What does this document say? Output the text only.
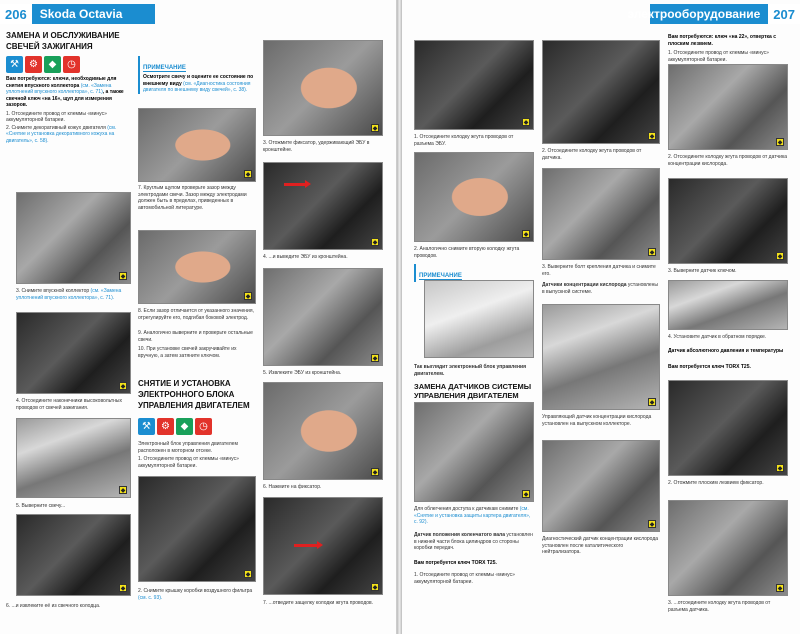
206	Skoda Octavia
ЗАМЕНА И ОБСЛУЖИВАНИЕ СВЕЧЕЙ ЗАЖИГАНИЯ
⚒	⚙	◆	◷
Вам потребуются: ключи, необходимые для снятия впускного коллектора (см. «Замена уплотнений впускного коллектора», с. 71), а также свечной ключ «на 16», щуп для измерения зазоров.
1. Отсоедините провод от клеммы «минус» аккумуляторной батареи.
2. Снимите декоративный кожух двигателя (см. «Снятие и установка декоративного кожуха на двигатель», с. 58).
◆
3. Снимите впускной коллектор (см. «Замена уплотнений впускного коллектора», с. 71).
◆
4. Отсоедините наконечники высоковольтных проводов от свечей зажигания.
◆
5. Выверните свечу...
◆
6. ...и извлеките её из свечного колодца.
ПРИМЕЧАНИЕ
Осмотрите свечу и оцените ее состояние по внешнему виду (см. «Диагностика состояния двигателя по внешнему виду свечей», с. 38).
◆
7. Круглым щупом проверьте зазор между электродами свечи. Зазор между электродами должен быть в пределах, приведенных в автомобильной литературе.
◆
8. Если зазор отличается от указанного значения, отрегулируйте его, подгибая боковой электрод.
9. Аналогично выверните и проверьте остальные свечи.
10. При установке свечей закручивайте их вручную, а затем затяните ключом.
СНЯТИЕ И УСТАНОВКА ЭЛЕКТРОННОГО БЛОКА УПРАВЛЕНИЯ ДВИГАТЕЛЕМ
⚒	⚙	◆	◷
Электронный блок управления двигателем расположен в моторном отсеке.
1. Отсоедините провод от клеммы «минус» аккумуляторной батареи.
◆
2. Снимите крышку коробки воздушного фильтра (см. с. 93).
◆
3. Отожмите фиксатор, удерживающий ЭБУ в кронштейне.
◆
4. ...и выведите ЭБУ из кронштейна.
◆
5. Извлеките ЭБУ из кронштейна.
◆
6. Нажмите на фиксатор.
◆
7. ...отведите защелку колодки жгута проводов.
электрооборудование	207
◆
1. Отсоедините колодку жгута проводов от разъема ЭБУ.
◆
2. Аналогично снимите вторую колодку жгута проводов.
ПРИМЕЧАНИЕ
Так выглядит электронный блок управления двигателем.
ЗАМЕНА ДАТЧИКОВ СИСТЕМЫ УПРАВЛЕНИЯ ДВИГАТЕЛЕМ
◆
Для облегчения доступа к датчикам снимите (см. «Снятие и установка защиты картера двигателя», с. 92).
Датчик положения коленчатого вала установлен в нижней части блока цилиндров со стороны коробки передач.
Вам потребуется ключ TORX T25.
1. Отсоедините провод от клеммы «минус» аккумуляторной батареи.
◆
2. Отсоедините колодку жгута проводов от датчика.
◆
3. Выверните болт крепления датчика и снимите его.
Датчики концентрации кислорода установлены в выпускной системе.
◆
Управляющий датчик концентрации кислорода установлен на выпускном коллекторе.
◆
Диагностический датчик концентрации кислорода установлен после каталитического нейтрализатора.
Вам потребуются: ключ «на 22», отвертка с плоским лезвием.
1. Отсоедините провод от клеммы «минус» аккумуляторной батареи.
◆
2. Отсоедините колодку жгута проводов от датчика концентрации кислорода.
◆
3. Выверните датчик ключом.
4. Установите датчик в обратном порядке.
Датчик абсолютного давления и температуры
Вам потребуется ключ TORX T25.
◆
2. Отожмите плоским лезвием фиксатор.
◆
3. ...отсоедините колодку жгута проводов от разъема датчика.
